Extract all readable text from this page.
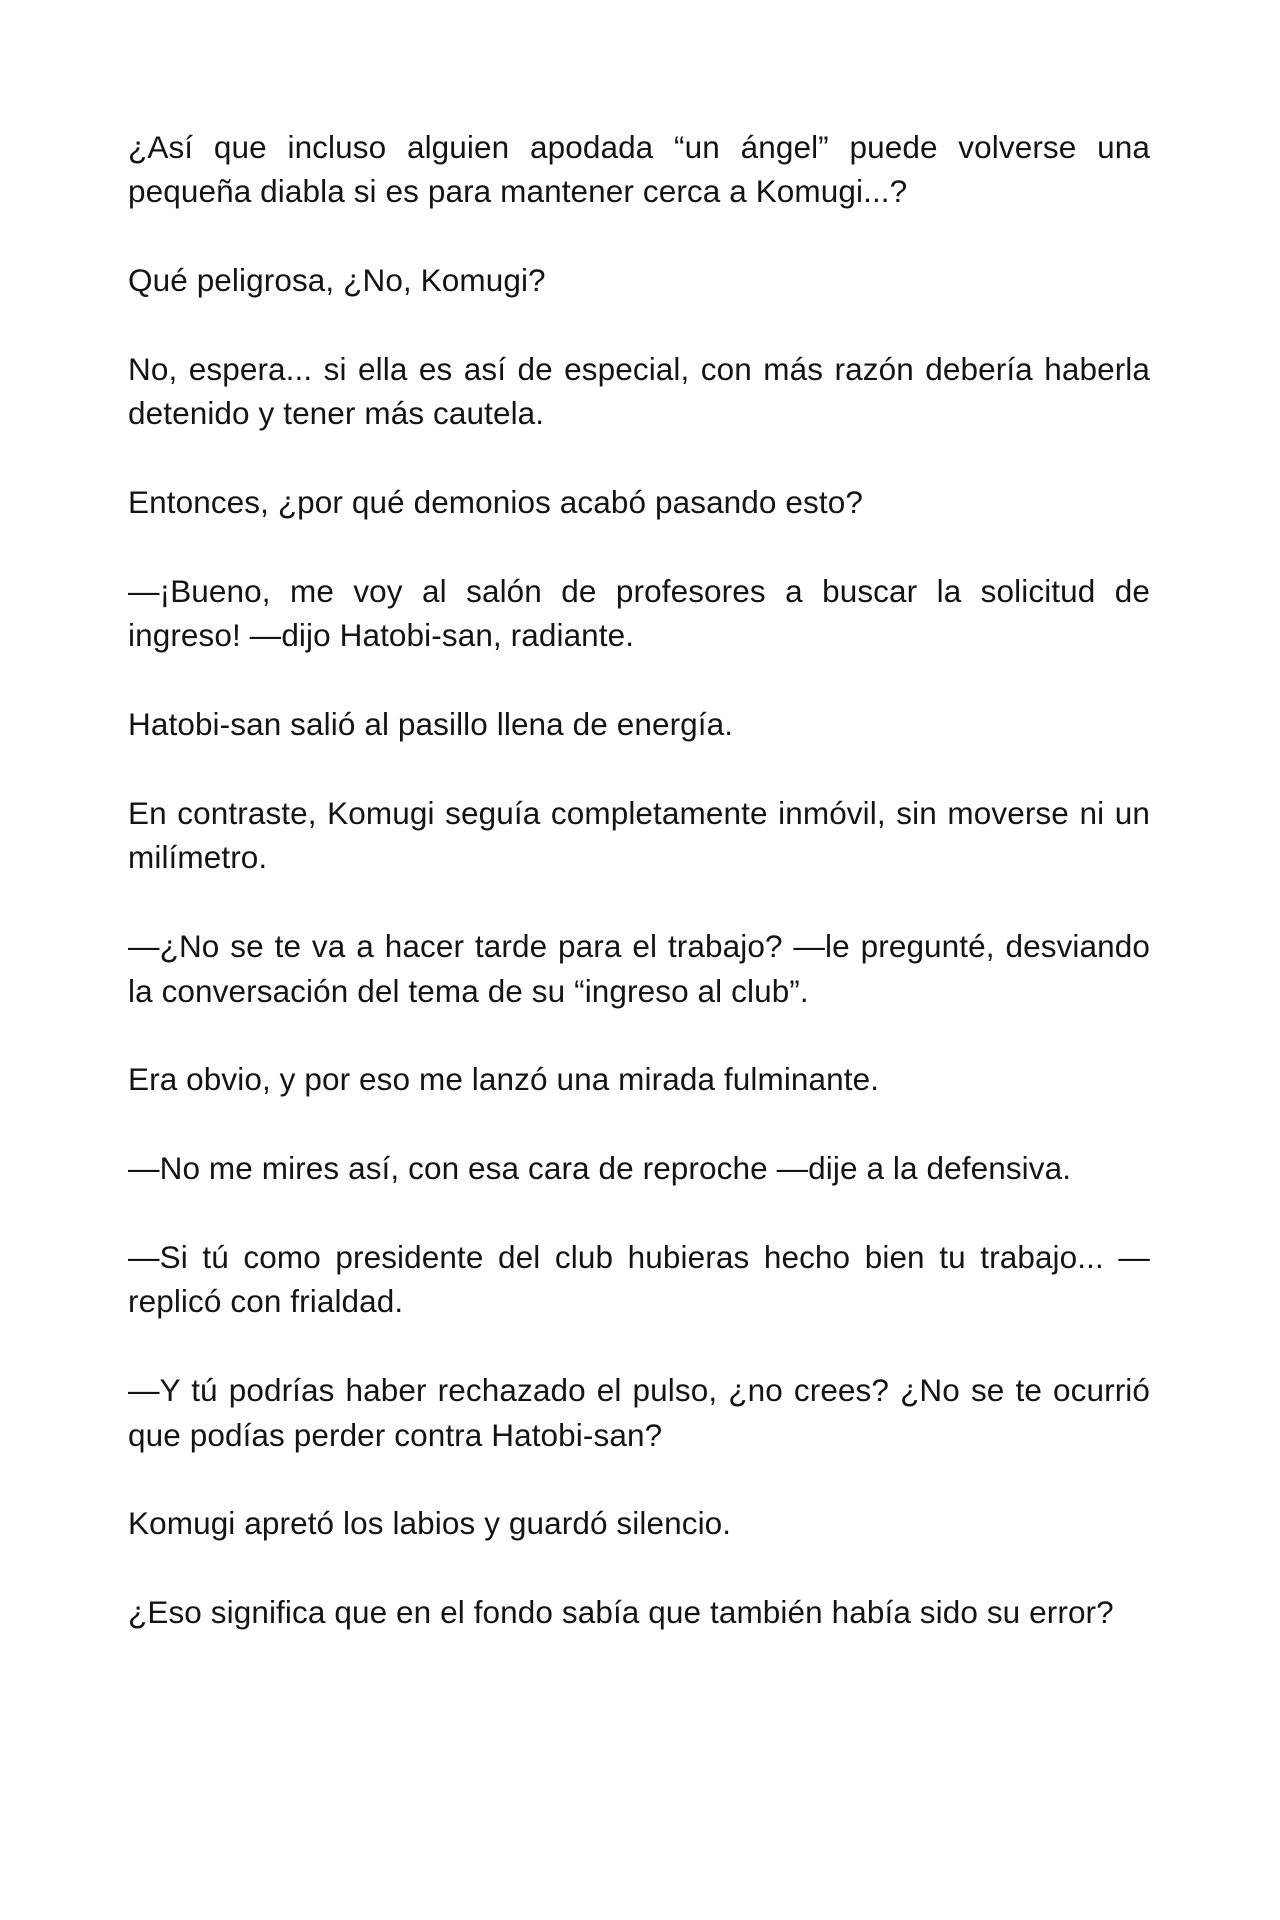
¿Así que incluso alguien apodada “un ángel” puede volverse una pequeña diabla si es para mantener cerca a Komugi...?

Qué peligrosa, ¿No, Komugi?

No, espera... si ella es así de especial, con más razón debería haberla detenido y tener más cautela.

Entonces, ¿por qué demonios acabó pasando esto?

—¡Bueno, me voy al salón de profesores a buscar la solicitud de ingreso! —dijo Hatobi-san, radiante.

Hatobi-san salió al pasillo llena de energía.

En contraste, Komugi seguía completamente inmóvil, sin moverse ni un milímetro.

—¿No se te va a hacer tarde para el trabajo? —le pregunté, desviando la conversación del tema de su “ingreso al club”.

Era obvio, y por eso me lanzó una mirada fulminante.

—No me mires así, con esa cara de reproche —dije a la defensiva.

—Si tú como presidente del club hubieras hecho bien tu trabajo... —replicó con frialdad.

—Y tú podrías haber rechazado el pulso, ¿no crees? ¿No se te ocurrió que podías perder contra Hatobi-san?

Komugi apretó los labios y guardó silencio.

¿Eso significa que en el fondo sabía que también había sido su error?
